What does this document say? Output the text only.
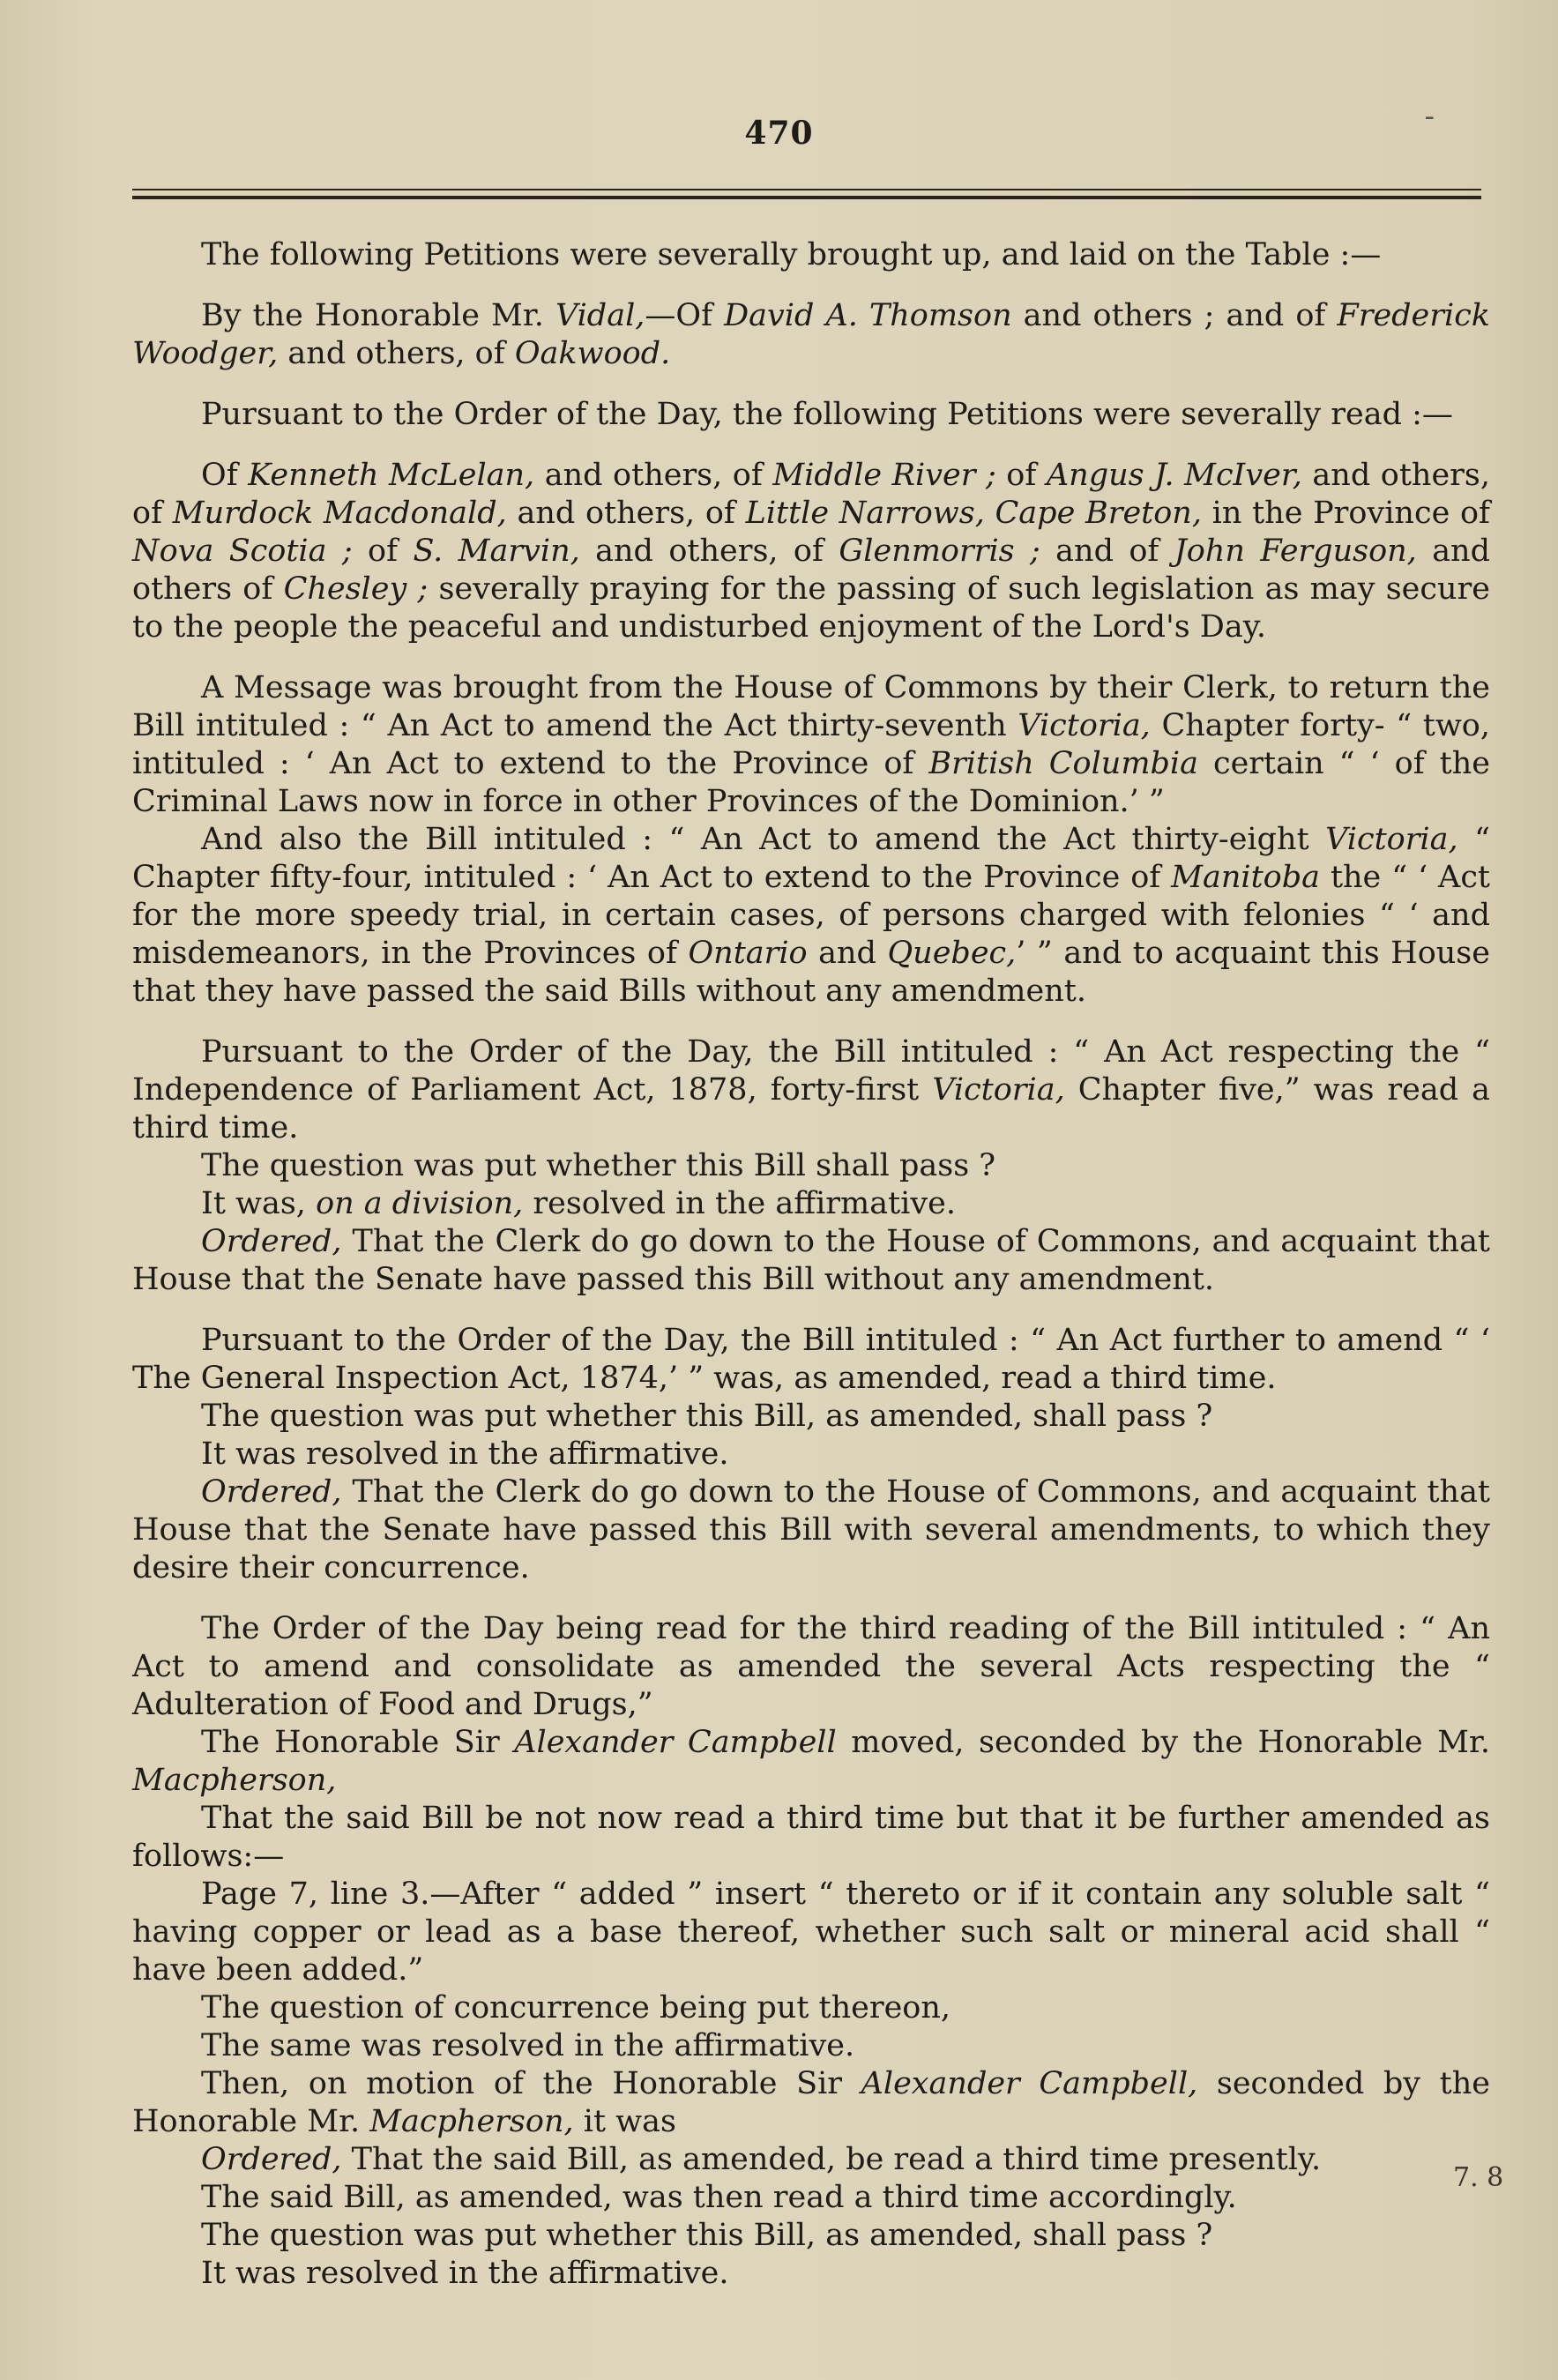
470	-

The following Petitions were severally brought up, and laid on the Table :—

By the Honorable Mr. Vidal,—Of David A. Thomson and others ; and of Frederick Woodger, and others, of Oakwood.

Pursuant to the Order of the Day, the following Petitions were severally read :—

Of Kenneth McLelan, and others, of Middle River ; of Angus J. McIver, and others, of Murdock Macdonald, and others, of Little Narrows, Cape Breton, in the Province of Nova Scotia ; of S. Marvin, and others, of Glenmorris ; and of John Ferguson, and others of Chesley ; severally praying for the passing of such legislation as may secure to the people the peaceful and undisturbed enjoyment of the Lord's Day.

A Message was brought from the House of Commons by their Clerk, to return the Bill intituled : “ An Act to amend the Act thirty-seventh Victoria, Chapter forty- “ two, intituled : ‘ An Act to extend to the Province of British Columbia certain “ ‘ of the Criminal Laws now in force in other Provinces of the Dominion.’ ”

And also the Bill intituled : “ An Act to amend the Act thirty-eight Victoria, “ Chapter fifty-four, intituled : ‘ An Act to extend to the Province of Manitoba the “ ‘ Act for the more speedy trial, in certain cases, of persons charged with felonies “ ‘ and misdemeanors, in the Provinces of Ontario and Quebec,’ ” and to acquaint this House that they have passed the said Bills without any amendment.

Pursuant to the Order of the Day, the Bill intituled : “ An Act respecting the “ Independence of Parliament Act, 1878, forty-first Victoria, Chapter five,” was read a third time.

The question was put whether this Bill shall pass ?

It was, on a division, resolved in the affirmative.

Ordered, That the Clerk do go down to the House of Commons, and acquaint that House that the Senate have passed this Bill without any amendment.

Pursuant to the Order of the Day, the Bill intituled : “ An Act further to amend “ ‘ The General Inspection Act, 1874,’ ” was, as amended, read a third time.

The question was put whether this Bill, as amended, shall pass ?

It was resolved in the affirmative.

Ordered, That the Clerk do go down to the House of Commons, and acquaint that House that the Senate have passed this Bill with several amendments, to which they desire their concurrence.

The Order of the Day being read for the third reading of the Bill intituled : “ An Act to amend and consolidate as amended the several Acts respecting the “ Adulteration of Food and Drugs,”

The Honorable Sir Alexander Campbell moved, seconded by the Honorable Mr. Macpherson,

That the said Bill be not now read a third time but that it be further amended as follows:—

Page 7, line 3.—After “ added ” insert “ thereto or if it contain any soluble salt “ having copper or lead as a base thereof, whether such salt or mineral acid shall “ have been added.”

The question of concurrence being put thereon,

The same was resolved in the affirmative.

Then, on motion of the Honorable Sir Alexander Campbell, seconded by the Honorable Mr. Macpherson, it was

Ordered, That the said Bill, as amended, be read a third time presently.

The said Bill, as amended, was then read a third time accordingly.

The question was put whether this Bill, as amended, shall pass ?

It was resolved in the affirmative.

7. 8
